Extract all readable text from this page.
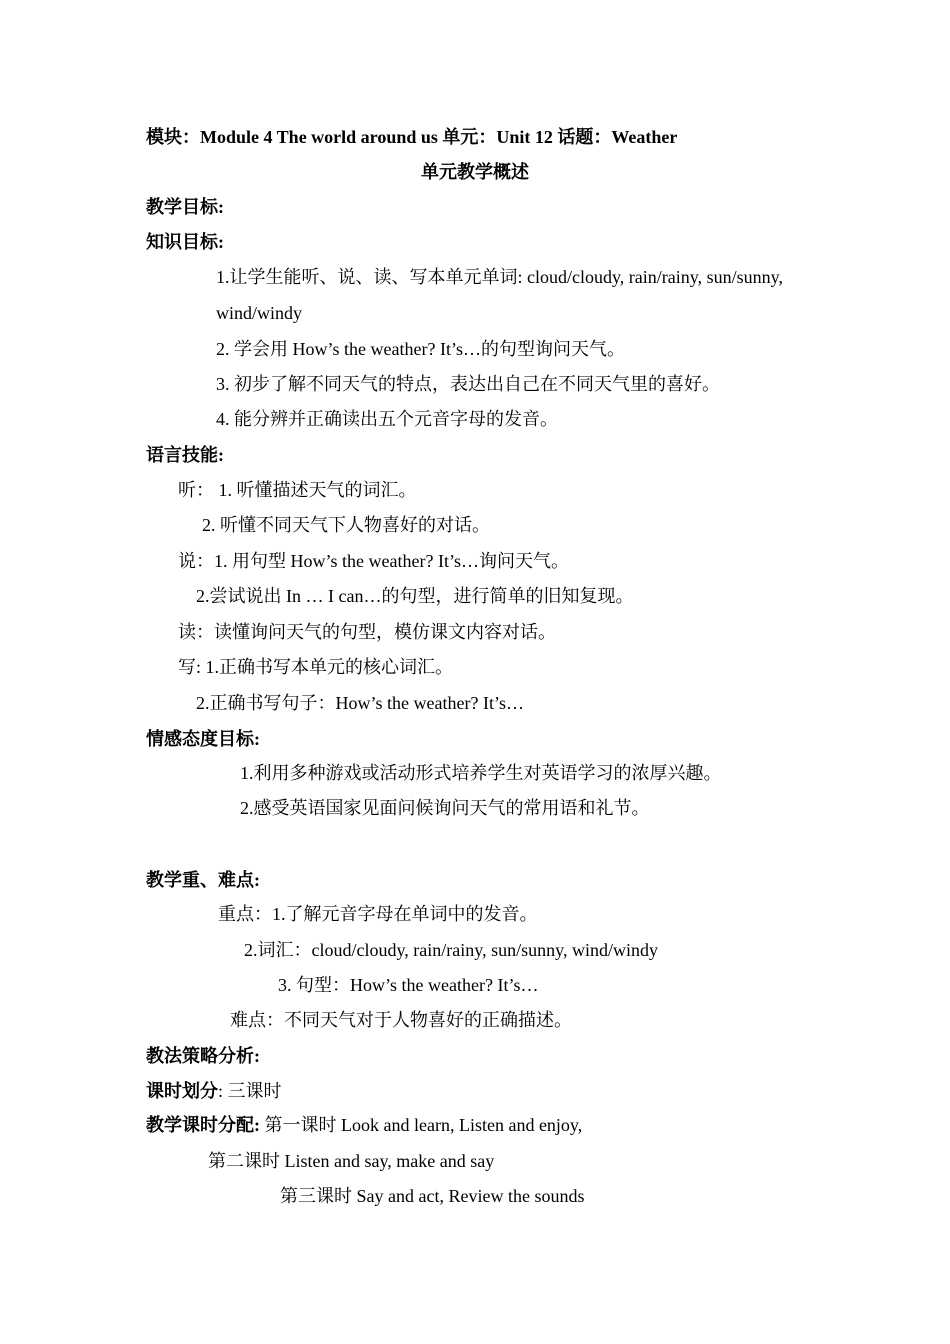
模块：Module 4 The world around us 单元：Unit 12 话题：Weather
单元教学概述
教学目标:
知识目标:
1.让学生能听、说、读、写本单元单词: cloud/cloudy, rain/rainy, sun/sunny,
wind/windy
2. 学会用 How’s the weather? It’s…的句型询问天气。
3. 初步了解不同天气的特点，表达出自己在不同天气里的喜好。
4. 能分辨并正确读出五个元音字母的发音。
语言技能:
听： 1. 听懂描述天气的词汇。
2. 听懂不同天气下人物喜好的对话。
说：1. 用句型 How’s the weather? It’s…询问天气。
2.尝试说出 In … I can…的句型，进行简单的旧知复现。
读：读懂询问天气的句型，模仿课文内容对话。
写: 1.正确书写本单元的核心词汇。
2.正确书写句子：How’s the weather? It’s…
情感态度目标:
1.利用多种游戏或活动形式培养学生对英语学习的浓厚兴趣。
2.感受英语国家见面问候询问天气的常用语和礼节。
教学重、难点:
重点：1.了解元音字母在单词中的发音。
2.词汇：cloud/cloudy, rain/rainy, sun/sunny, wind/windy
3. 句型：How’s the weather? It’s…
难点：不同天气对于人物喜好的正确描述。
教法策略分析:
课时划分: 三课时
教学课时分配: 第一课时 Look and learn, Listen and enjoy,
第二课时 Listen and say, make and say
第三课时 Say and act, Review the sounds
